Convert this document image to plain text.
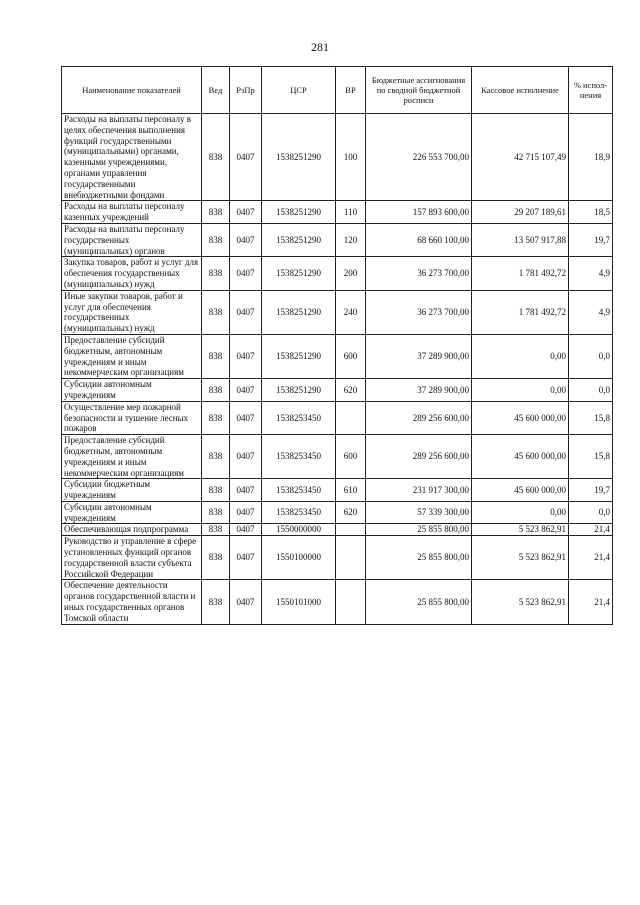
281
Наименование показателей	Вед	РзПр	ЦСР	ВР	Бюджетные ассигнования по сводной бюджетной росписи	Кассовое исполнение	% испол-нения
Расходы на выплаты персоналу в целях обеспечения выполнения функций государственными (муниципальными) органами, казенными учреждениями, органами управления государственными внебюджетными фондами	838	0407	1538251290	100	226 553 700,00	42 715 107,49	18,9
Расходы на выплаты персоналу казенных учреждений	838	0407	1538251290	110	157 893 600,00	29 207 189,61	18,5
Расходы на выплаты персоналу государственных (муниципальных) органов	838	0407	1538251290	120	68 660 100,00	13 507 917,88	19,7
Закупка товаров, работ и услуг для обеспечения государственных (муниципальных) нужд	838	0407	1538251290	200	36 273 700,00	1 781 492,72	4,9
Иные закупки товаров, работ и услуг для обеспечения государственных (муниципальных) нужд	838	0407	1538251290	240	36 273 700,00	1 781 492,72	4,9
Предоставление субсидий бюджетным, автономным учреждениям и иным некоммерческим организациям	838	0407	1538251290	600	37 289 900,00	0,00	0,0
Субсидии автономным учреждениям	838	0407	1538251290	620	37 289 900,00	0,00	0,0
Осуществление мер пожарной безопасности и тушение лесных пожаров	838	0407	1538253450		289 256 600,00	45 600 000,00	15,8
Предоставление субсидий бюджетным, автономным учреждениям и иным некоммерческим организациям	838	0407	1538253450	600	289 256 600,00	45 600 000,00	15,8
Субсидии бюджетным учреждениям	838	0407	1538253450	610	231 917 300,00	45 600 000,00	19,7
Субсидии автономным учреждениям	838	0407	1538253450	620	57 339 300,00	0,00	0,0
Обеспечивающая подпрограмма	838	0407	1550000000		25 855 800,00	5 523 862,91	21,4
Руководство и управление в сфере установленных функций органов государственной власти субъекта Российской Федерации	838	0407	1550100000		25 855 800,00	5 523 862,91	21,4
Обеспечение деятельности органов государственной власти и иных государственных органов Томской области	838	0407	1550101000		25 855 800,00	5 523 862,91	21,4
